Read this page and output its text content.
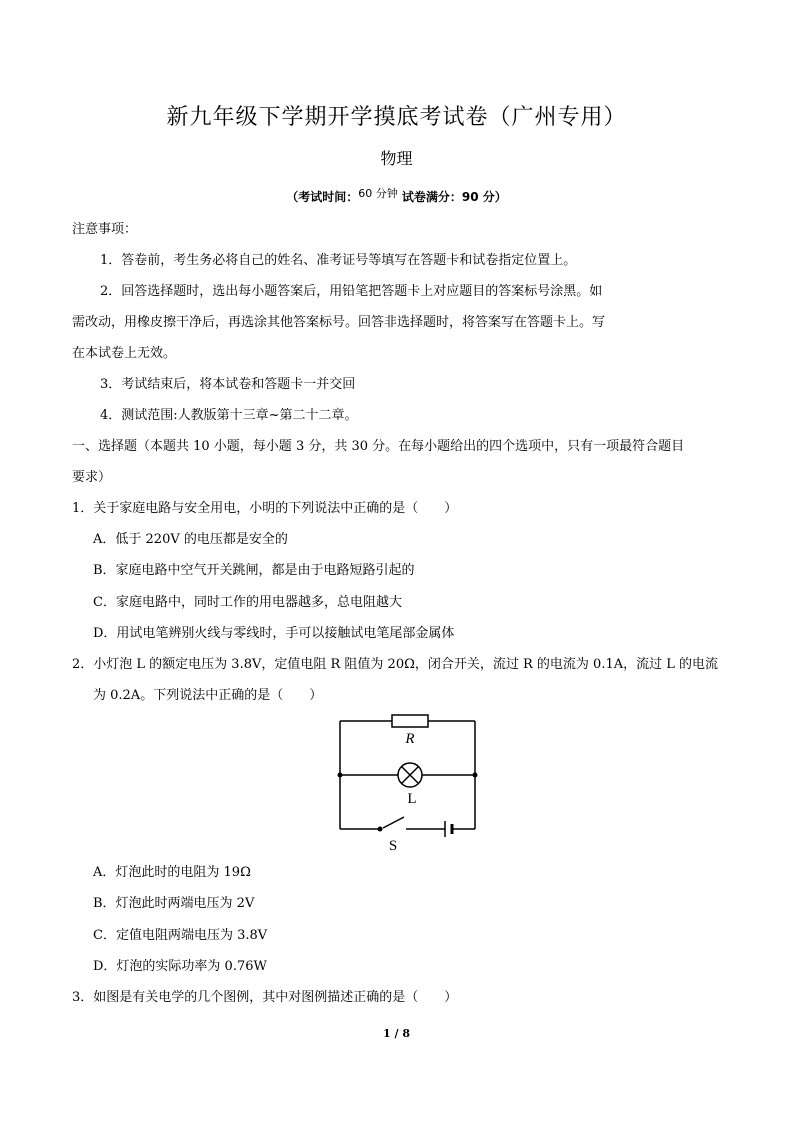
新九年级下学期开学摸底考试卷（广州专用）
物理
（考试时间：60 分钟 试卷满分：90 分）
注意事项：
1．答卷前，考生务必将自己的姓名、准考证号等填写在答题卡和试卷指定位置上。
2．回答选择题时，选出每小题答案后，用铅笔把答题卡上对应题目的答案标号涂黑。如
需改动，用橡皮擦干净后，再选涂其他答案标号。回答非选择题时，将答案写在答题卡上。写
在本试卷上无效。
3．考试结束后，将本试卷和答题卡一并交回
4．测试范围:人教版第十三章~第二十二章。
一、选择题（本题共 10 小题，每小题 3 分，共 30 分。在每小题给出的四个选项中，只有一项最符合题目
要求）
1．关于家庭电路与安全用电，小明的下列说法中正确的是（　　）
A．低于 220V 的电压都是安全的
B．家庭电路中空气开关跳闸，都是由于电路短路引起的
C．家庭电路中，同时工作的用电器越多，总电阻越大
D．用试电笔辨别火线与零线时，手可以接触试电笔尾部金属体
2．小灯泡 L 的额定电压为 3.8V，定值电阻 R 阻值为 20Ω，闭合开关，流过 R 的电流为 0.1A，流过 L 的电流
为 0.2A。下列说法中正确的是（　　）
R
L
S
A．灯泡此时的电阻为 19Ω
B．灯泡此时两端电压为 2V
C．定值电阻两端电压为 3.8V
D．灯泡的实际功率为 0.76W
3．如图是有关电学的几个图例，其中对图例描述正确的是（　　）
1 / 8
